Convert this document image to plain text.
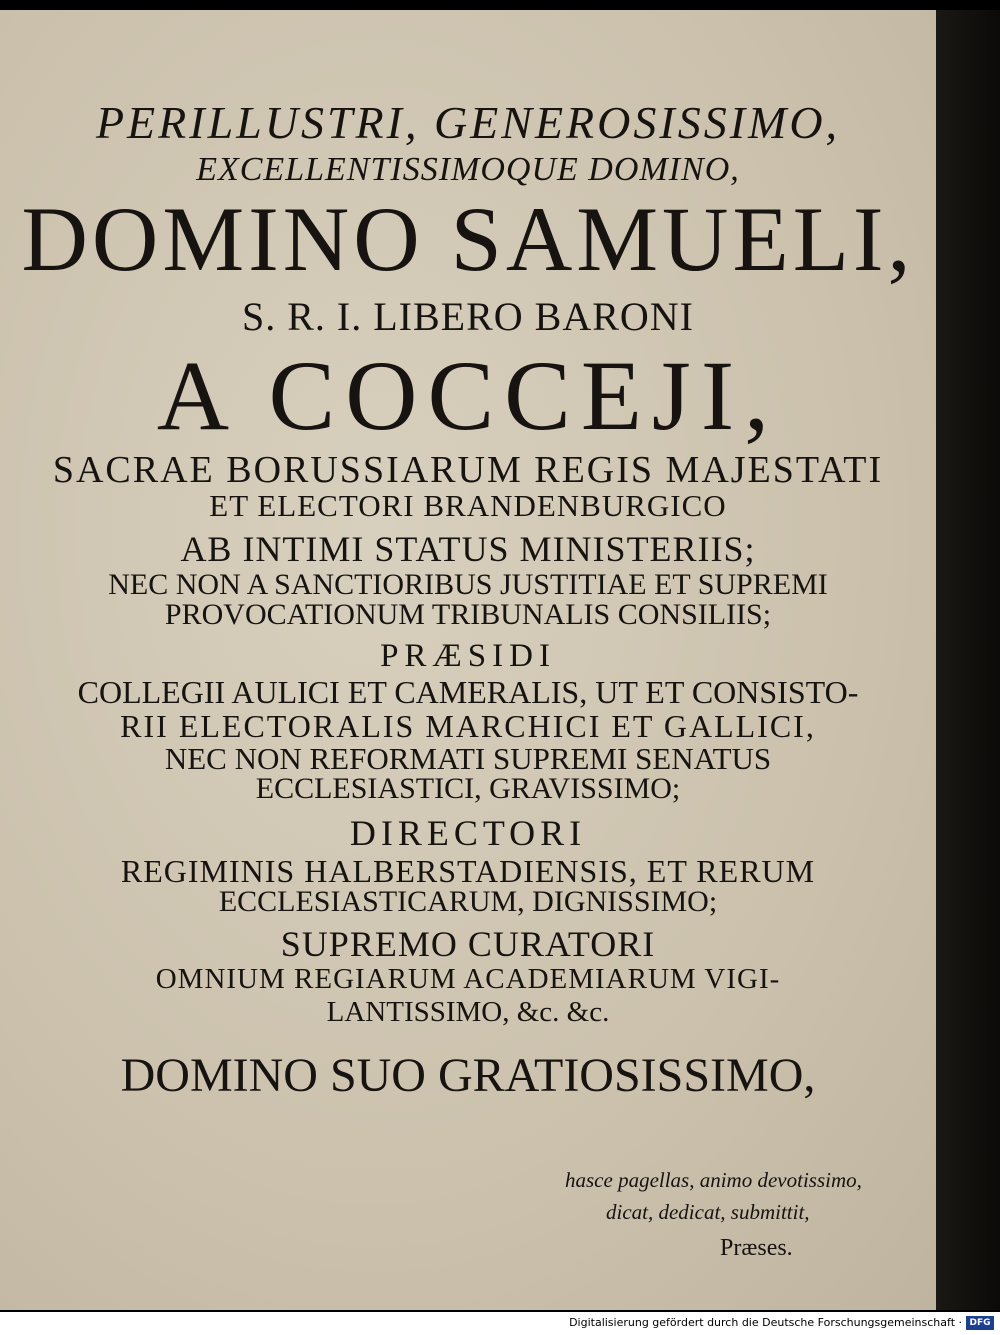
PERILLUSTRI, GENEROSISSIMO,
EXCELLENTISSIMOQUE DOMINO,
DOMINO SAMUELI,
S. R. I. LIBERO BARONI
A COCCEJI,
SACRAE BORUSSIARUM REGIS MAJESTATI
ET ELECTORI BRANDENBURGICO
AB INTIMI STATUS MINISTERIIS;
NEC NON A SANCTIORIBUS JUSTITIAE ET SUPREMI
PROVOCATIONUM TRIBUNALIS CONSILIIS;
PRÆSIDI
COLLEGII AULICI ET CAMERALIS, UT ET CONSISTO-
RII ELECTORALIS MARCHICI ET GALLICI,
NEC NON REFORMATI SUPREMI SENATUS
ECCLESIASTICI, GRAVISSIMO;
DIRECTORI
REGIMINIS HALBERSTADIENSIS, ET RERUM
ECCLESIASTICARUM, DIGNISSIMO;
SUPREMO CURATORI
OMNIUM REGIARUM ACADEMIARUM VIGI-
LANTISSIMO, &c. &c.
DOMINO SUO GRATIOSISSIMO,
hasce pagellas, animo devotissimo,
dicat, dedicat, submittit,
Præses.
Digitalisierung gefördert durch die Deutsche Forschungsgemeinschaft · DFG
